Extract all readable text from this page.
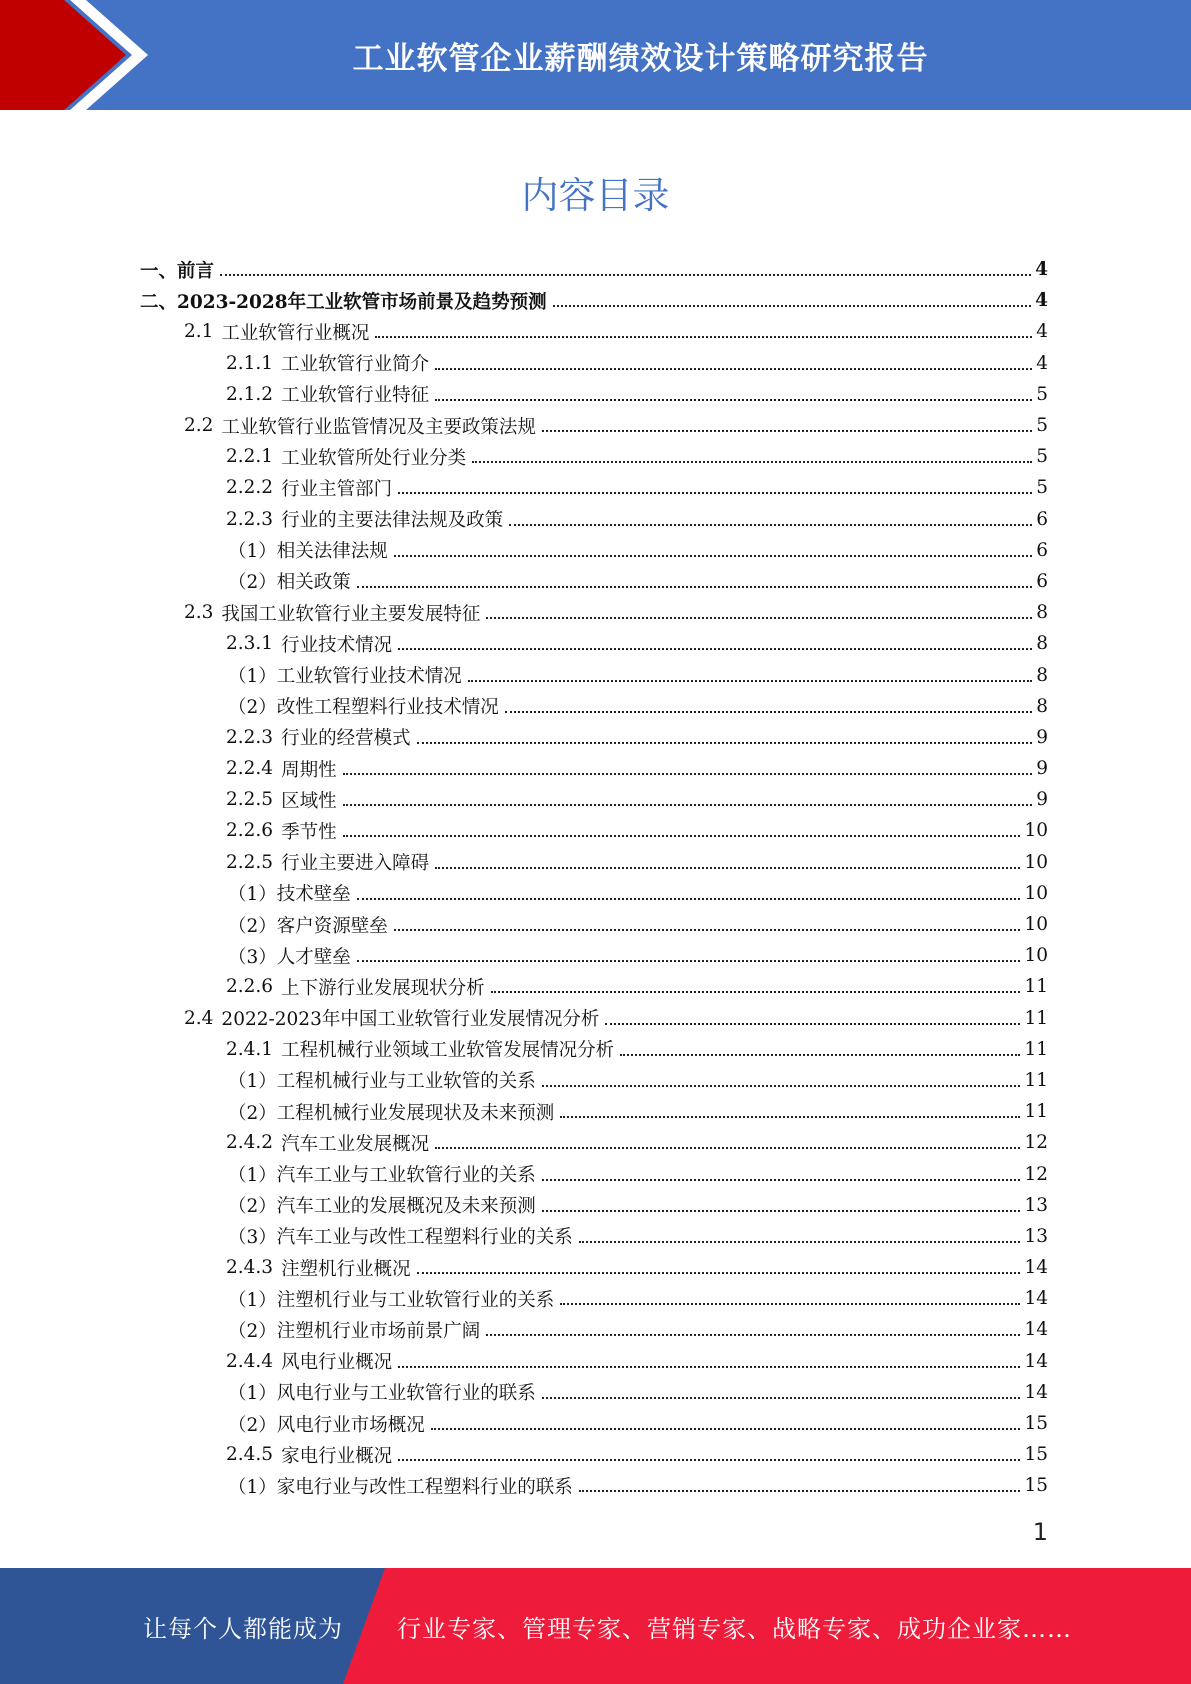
工业软管企业薪酬绩效设计策略研究报告
内容目录
一、 前言	4
二、 2023-2028年工业软管市场前景及趋势预测	4
2.1 工业软管行业概况	4
2.1.1 工业软管行业简介	4
2.1.2 工业软管行业特征	5
2.2 工业软管行业监管情况及主要政策法规	5
2.2.1 工业软管所处行业分类	5
2.2.2 行业主管部门	5
2.2.3 行业的主要法律法规及政策	6
（1） 相关法律法规	6
（2） 相关政策	6
2.3 我国工业软管行业主要发展特征	8
2.3.1 行业技术情况	8
（1） 工业软管行业技术情况	8
（2） 改性工程塑料行业技术情况	8
2.2.3 行业的经营模式	9
2.2.4 周期性	9
2.2.5 区域性	9
2.2.6 季节性	10
2.2.5 行业主要进入障碍	10
（1） 技术壁垒	10
（2） 客户资源壁垒	10
（3） 人才壁垒	10
2.2.6 上下游行业发展现状分析	11
2.4 2022-2023年中国工业软管行业发展情况分析	11
2.4.1 工程机械行业领域工业软管发展情况分析	11
（1） 工程机械行业与工业软管的关系	11
（2） 工程机械行业发展现状及未来预测	11
2.4.2 汽车工业发展概况	12
（1） 汽车工业与工业软管行业的关系	12
（2） 汽车工业的发展概况及未来预测	13
（3） 汽车工业与改性工程塑料行业的关系	13
2.4.3 注塑机行业概况	14
（1） 注塑机行业与工业软管行业的关系	14
（2） 注塑机行业市场前景广阔	14
2.4.4 风电行业概况	14
（1） 风电行业与工业软管行业的联系	14
（2） 风电行业市场概况	15
2.4.5 家电行业概况	15
（1） 家电行业与改性工程塑料行业的联系	15
1
让每个人都能成为 行业专家、管理专家、营销专家、战略专家、成功企业家……
